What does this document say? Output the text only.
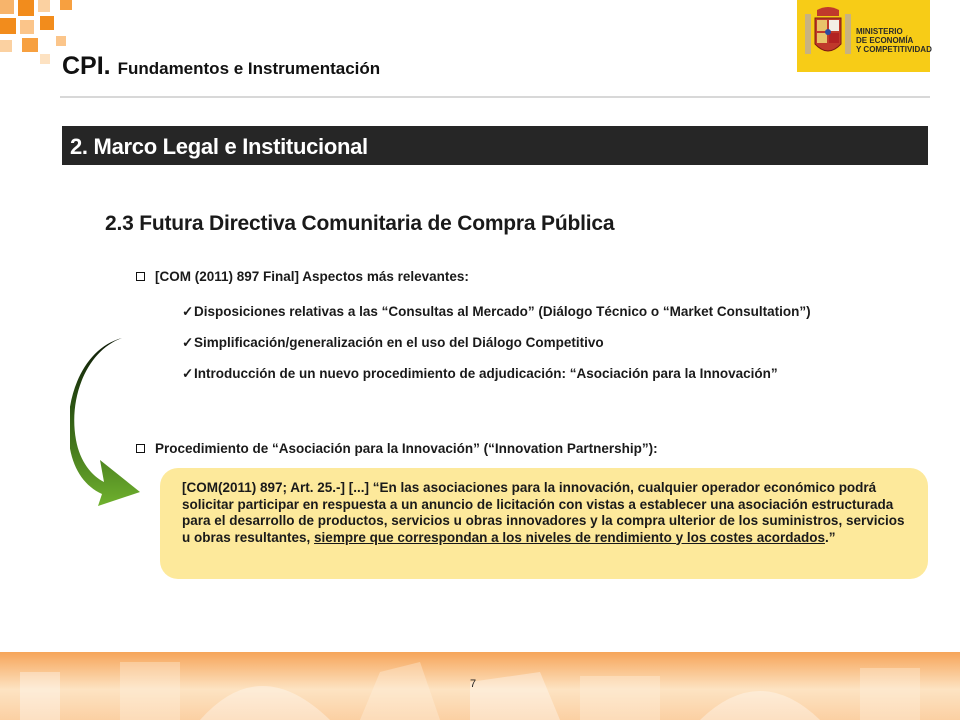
CPI. Fundamentos e Instrumentación
MINISTERIO
DE ECONOMÍA
Y COMPETITIVIDAD
2. Marco Legal e Institucional
2.3 Futura Directiva Comunitaria de Compra Pública
[COM (2011) 897 Final] Aspectos más relevantes:
✓Disposiciones relativas a las “Consultas al Mercado” (Diálogo Técnico o “Market Consultation”)
✓Simplificación/generalización en el uso del Diálogo Competitivo
✓Introducción de un nuevo procedimiento de adjudicación: “Asociación para la Innovación”
Procedimiento de “Asociación para la Innovación” (“Innovation Partnership”):
[COM(2011) 897; Art. 25.-] [...] “En las asociaciones para la innovación, cualquier operador económico podrá solicitar participar en respuesta a un anuncio de licitación con vistas a establecer una asociación estructurada para el desarrollo de productos, servicios u obras innovadores y la compra ulterior de los suministros, servicios u obras resultantes, siempre que correspondan a los niveles de rendimiento y los costes acordados.”
7
